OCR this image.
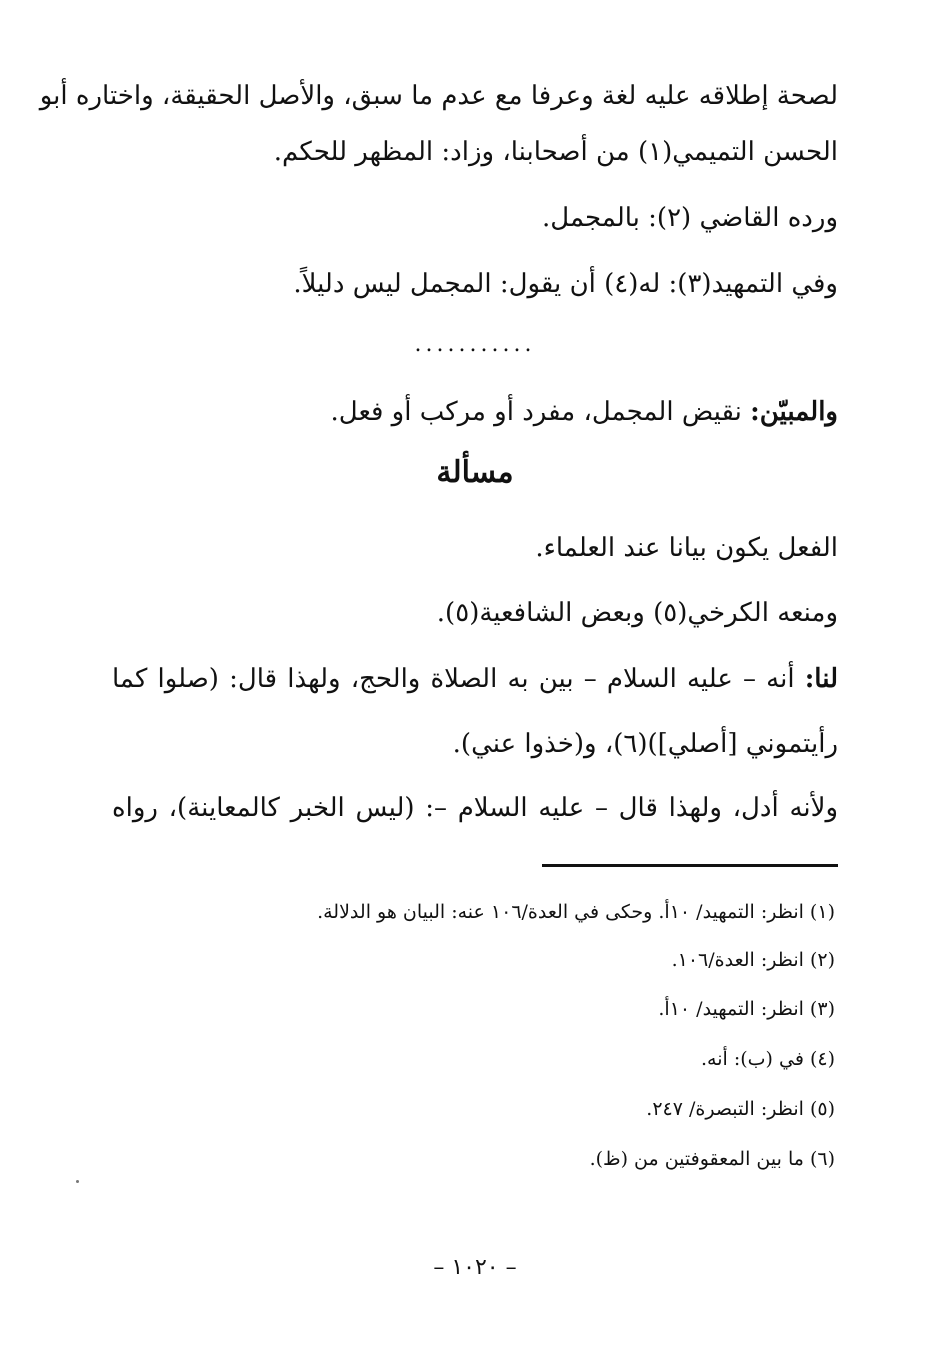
لصحة إطلاقه عليه لغة وعرفا مع عدم ما سبق، والأصل الحقيقة، واختاره أبو
الحسن التميمي(١) من أصحابنا، وزاد: المظهر للحكم.
ورده القاضي (٢): بالمجمل.
وفي التمهيد(٣): له(٤) أن يقول: المجمل ليس دليلاً.
...........
والمبيّن: نقيض المجمل، مفرد أو مركب أو فعل.
مسألة
الفعل يكون بيانا عند العلماء.
ومنعه الكرخي(٥) وبعض الشافعية(٥).
لنا: أنه – عليه السلام – بين به الصلاة والحج، ولهذا قال: (صلوا كما
رأيتموني [أصلي])(٦)، و(خذوا عني).
ولأنه أدل، ولهذا قال – عليه السلام –: (ليس الخبر كالمعاينة)، رواه
(١) انظر: التمهيد/ ١٠أ. وحكى في العدة/١٠٦ عنه: البيان هو الدلالة.
(٢) انظر: العدة/١٠٦.
(٣) انظر: التمهيد/ ١٠أ.
(٤) في (ب): أنه.
(٥) انظر: التبصرة/ ٢٤٧.
(٦) ما بين المعقوفتين من (ظ).
– ١٠٢٠ –
